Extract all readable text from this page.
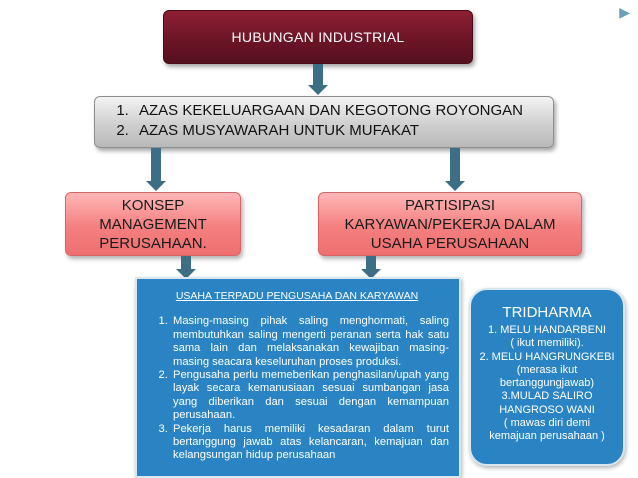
▶
HUBUNGAN INDUSTRIAL
1. AZAS KEKELUARGAAN DAN KEGOTONG ROYONGAN
2. AZAS MUSYAWARAH UNTUK MUFAKAT
KONSEP
MANAGEMENT
PERUSAHAAN.
PARTISIPASI
KARYAWAN/PEKERJA DALAM
USAHA PERUSAHAAN
USAHA TERPADU PENGUSAHA DAN KARYAWAN
1. Masing-masing pihak saling menghormati, saling membutuhkan saling mengerti peranan serta hak satu sama lain dan melaksanakan kewajiban masing-masing seacara keseluruhan proses produksi.
2. Pengusaha perlu memeberikan penghasilan/upah yang layak secara kemanusiaan sesuai sumbangan jasa yang diberikan dan sesuai dengan kemampuan perusahaan.
3. Pekerja harus memiliki kesadaran dalam turut bertanggung jawab atas kelancaran, kemajuan dan kelangsungan hidup perusahaan
TRIDHARMA
1. MELU HANDARBENI
( ikut memiliki).
2. MELU HANGRUNGKEBI
(merasa ikut
bertanggungjawab)
3.MULAD SALIRO
HANGROSO WANI
( mawas diri demi
kemajuan perusahaan )
